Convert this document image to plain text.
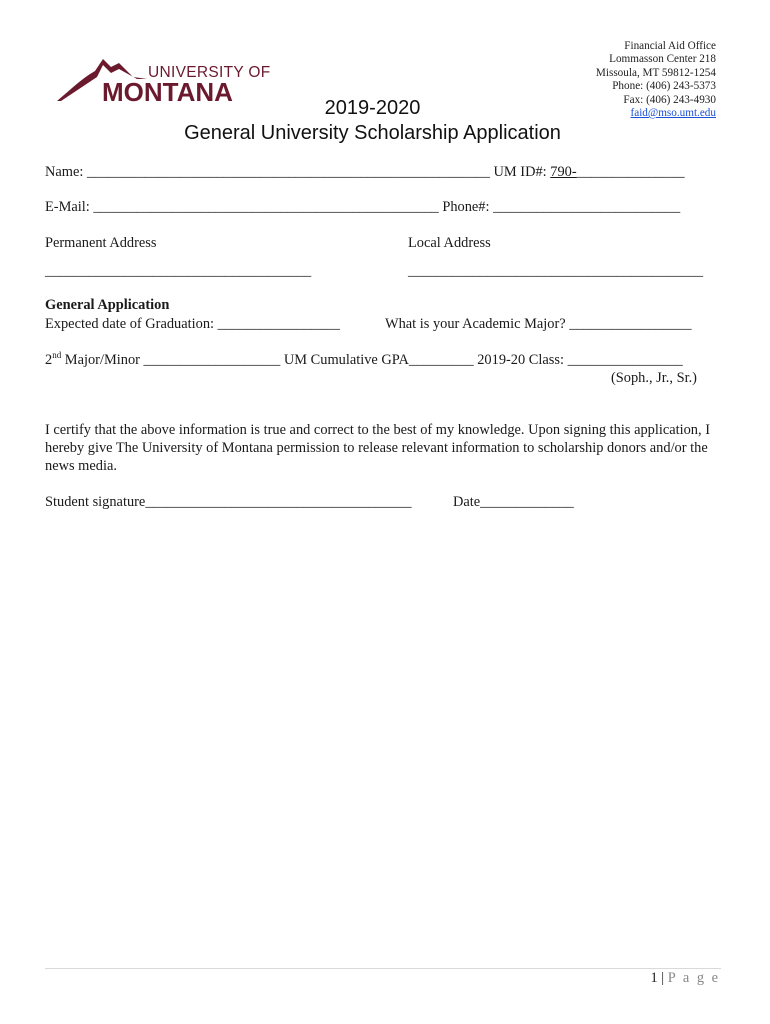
UNIVERSITY OF
MONTANA
Financial Aid Office
Lommasson Center 218
Missoula, MT 59812-1254
Phone: (406) 243-5373
Fax: (406) 243-4930
faid@mso.umt.edu
2019-2020
General University Scholarship Application
Name: ________________________________________________________ UM ID#: 790-_______________
E-Mail: ________________________________________________ Phone#: __________________________
Permanent Address	Local Address
_____________________________________	_________________________________________
General Application
Expected date of Graduation: _________________	What is your Academic Major? _________________
2nd Major/Minor ___________________ UM Cumulative GPA_________ 2019-20 Class: ________________
(Soph., Jr., Sr.)
I certify that the above information is true and correct to the best of my knowledge. Upon signing this application, I hereby give The University of Montana permission to release relevant information to scholarship donors and/or the news media.
Student signature_____________________________________	Date_____________
1 | P a g e
